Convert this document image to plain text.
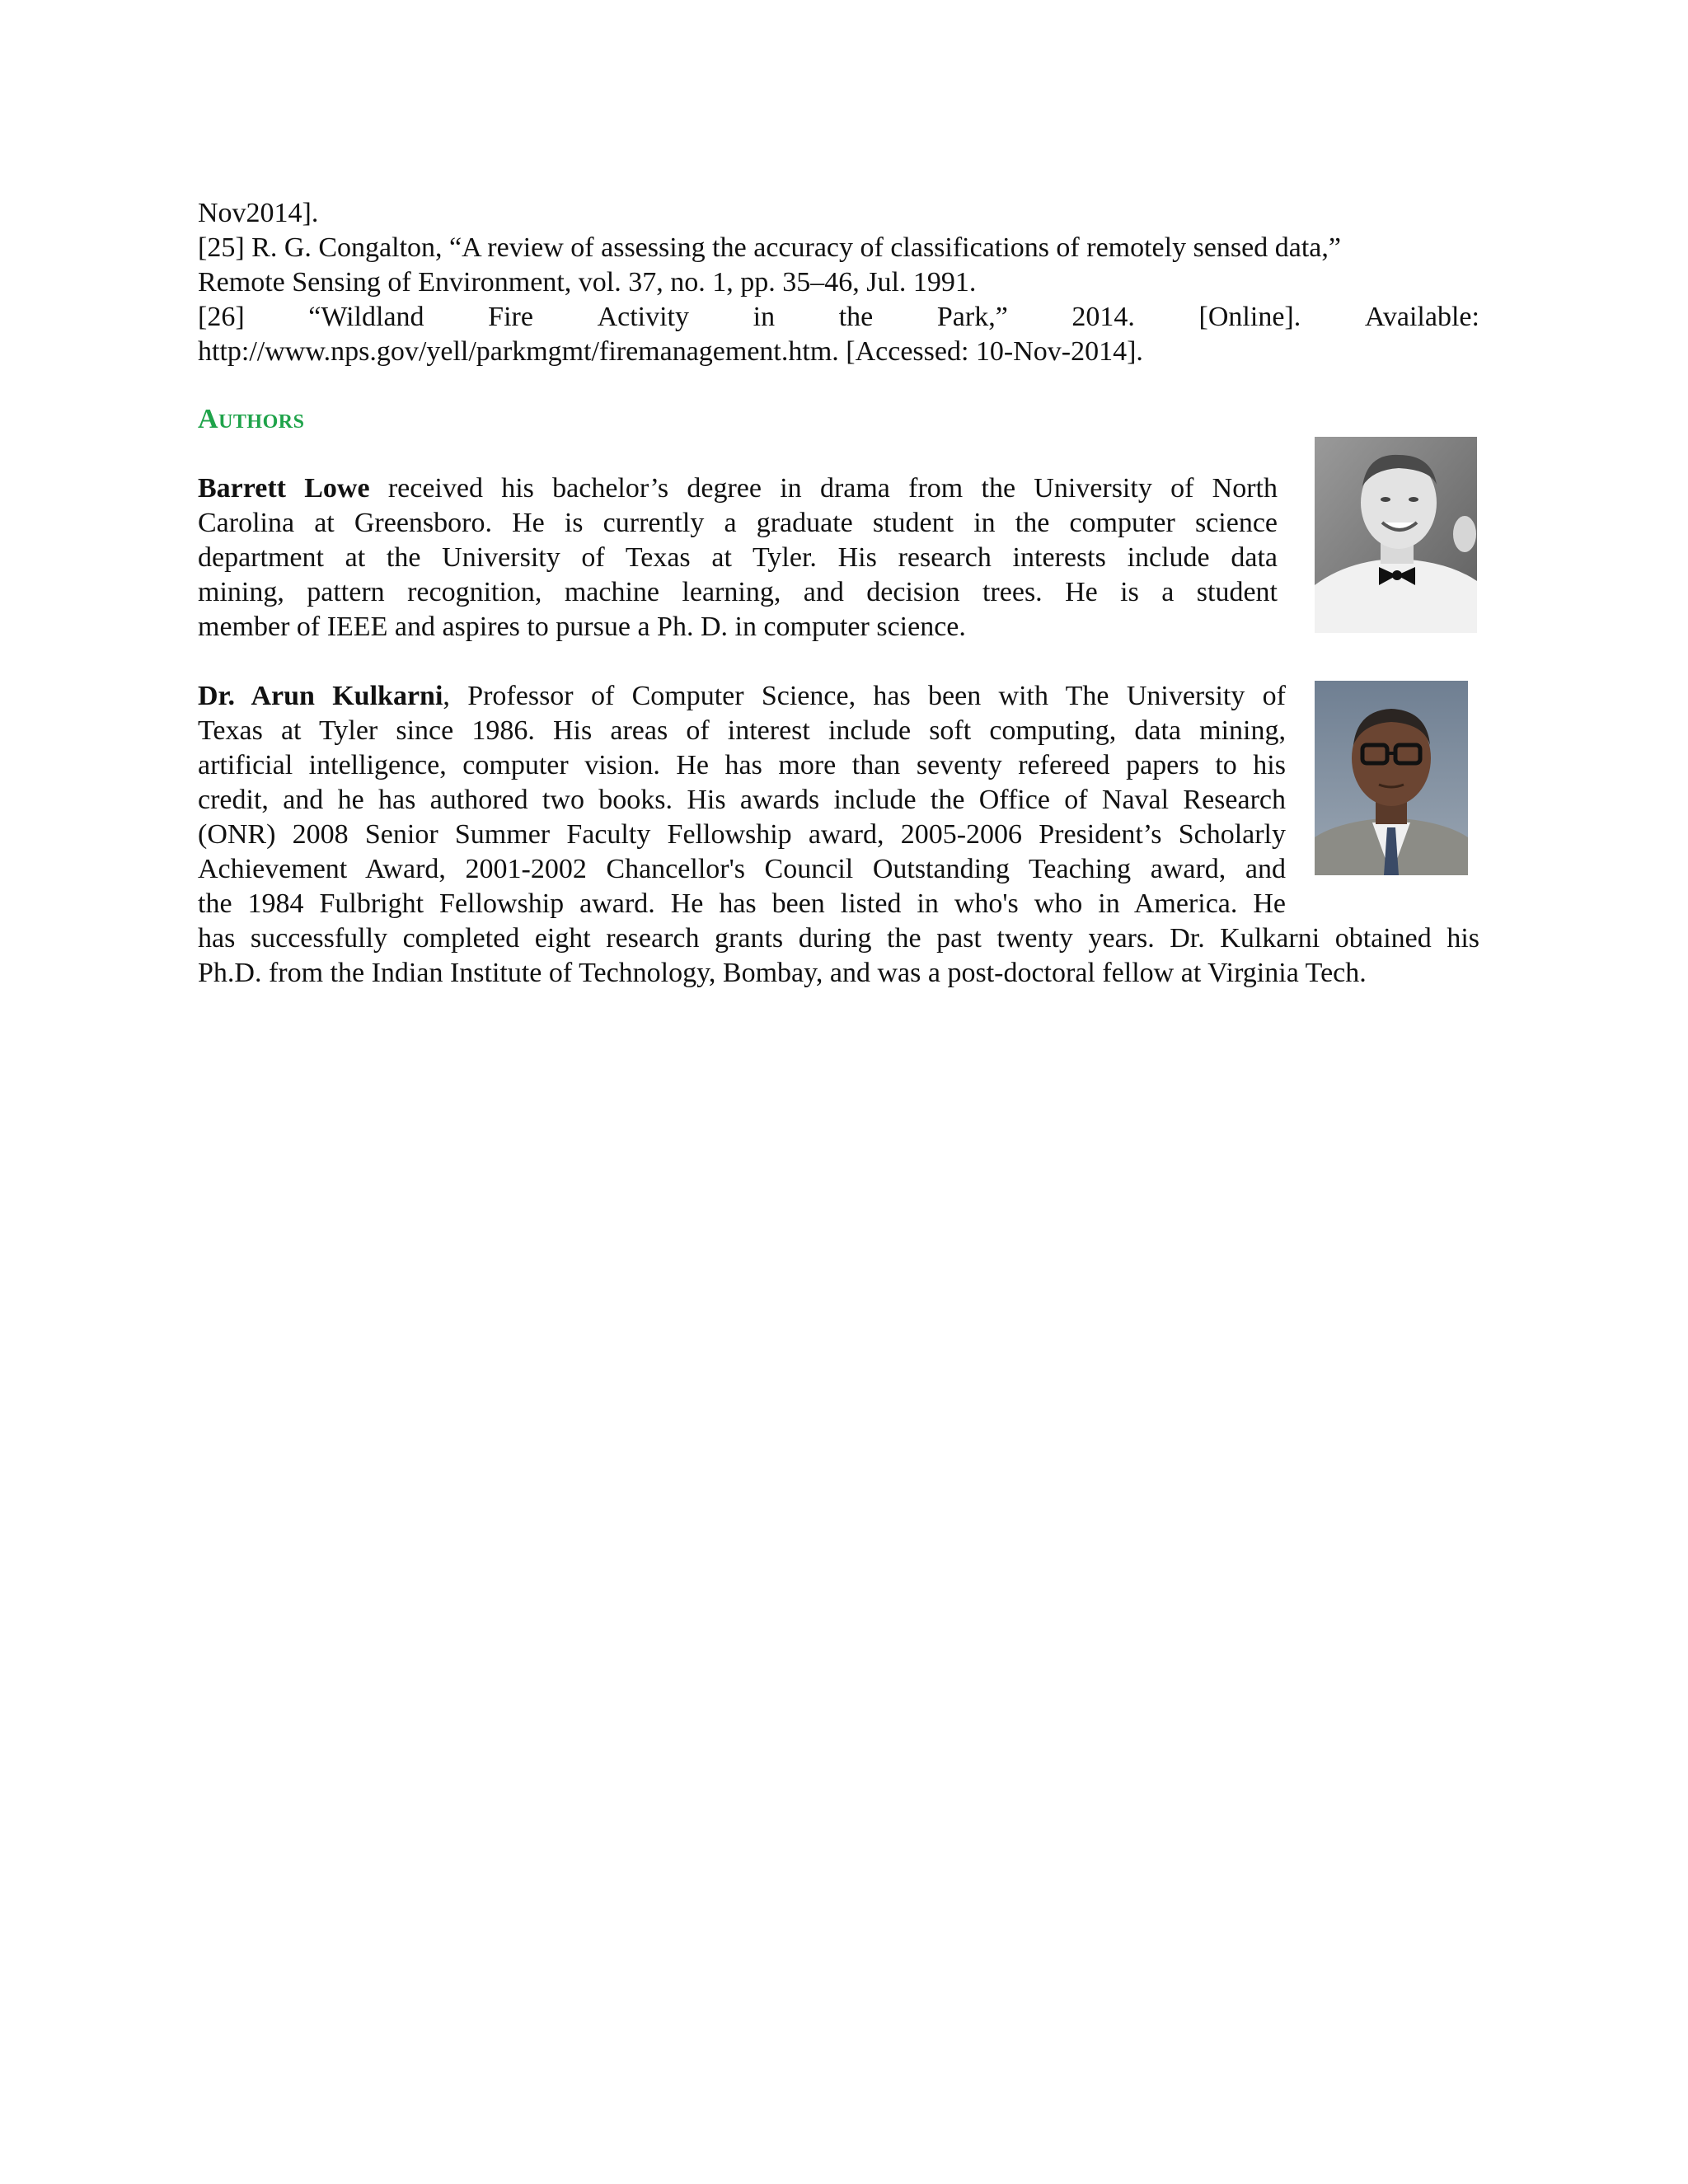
Nov2014].

[25] R. G. Congalton, “A review of assessing the accuracy of classifications of remotely sensed data,”

Remote Sensing of Environment, vol. 37, no. 1, pp. 35–46, Jul. 1991.

[26] “Wildland Fire Activity in the Park,” 2014. [Online]. Available:

http://www.nps.gov/yell/parkmgmt/firemanagement.htm. [Accessed: 10-Nov-2014].

Authors
Barrett Lowe received his bachelor’s degree in drama from the University of North
Carolina at Greensboro. He is currently a graduate student in the computer science
department at the University of Texas at Tyler. His research interests include data
mining, pattern recognition, machine learning, and decision trees. He is a student
member of IEEE and aspires to pursue a Ph. D. in computer science.
Dr. Arun Kulkarni, Professor of Computer Science, has been with The University of
Texas at Tyler since 1986. His areas of interest include soft computing, data mining,
artificial intelligence, computer vision. He has more than seventy refereed papers to his
credit, and he has authored two books. His awards include the Office of Naval Research
(ONR) 2008 Senior Summer Faculty Fellowship award, 2005-2006 President’s Scholarly
Achievement Award, 2001-2002 Chancellor's Council Outstanding Teaching award, and
the 1984 Fulbright Fellowship award. He has been listed in who's who in America. He
has successfully completed eight research grants during the past twenty years. Dr. Kulkarni obtained his
Ph.D. from the Indian Institute of Technology, Bombay, and was a post-doctoral fellow at Virginia Tech.
